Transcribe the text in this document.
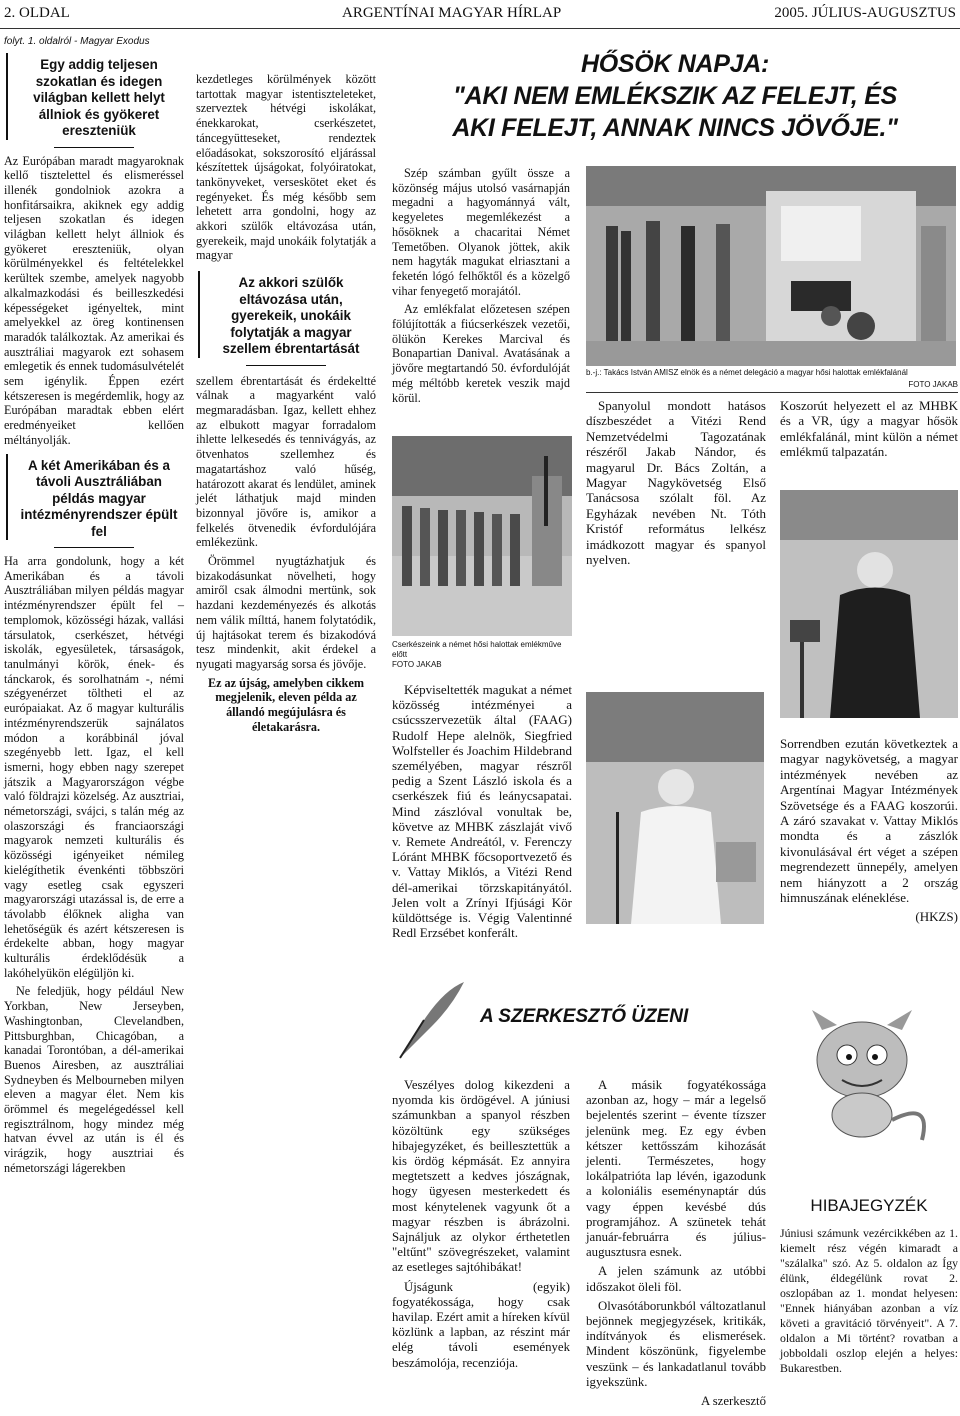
2. OLDAL	ARGENTÍNAI MAGYAR HÍRLAP	2005. JÚLIUS-AUGUSZTUS
folyt. 1. oldalról - Magyar Exodus
Egy addig teljesen szokatlan és idegen világban kellett helyt állniok és gyökeret ereszteniük

Az Európában maradt magyaroknak kellő tisztelettel és elismeréssel illenék gondolniok azokra a honfitársaikra, akiknek egy addig teljesen szokatlan és idegen világban kellett helyt állniok és gyökeret ereszteniük, olyan körülményekkel és feltételekkel kerültek szembe, amelyek nagyobb alkalmazkodási és beilleszkedési képességeket igényeltek, mint amelyekkel az öreg kontinensen maradók találkoztak. Az amerikai és ausztráliai magyarok ezt sohasem emlegetik és ennek tudomásulvételét sem igénylik. Éppen ezért kétszeresen is megérdemlik, hogy az Európában maradtak ebben elért eredményeiket kellően méltányolják.

A két Amerikában és a távoli Ausztráliában példás magyar intézményrendszer épült fel

Ha arra gondolunk, hogy a két Amerikában és a távoli Ausztráliában milyen példás magyar intézményrendszer épült fel – templomok, közösségi házak, vallási társulatok, cserkészet, hétvégi iskolák, egyesületek, társaságok, tanulmányi körök, ének- és tánckarok, és sorolhatnám -, némi szégyenérzet töltheti el az európaiakat. Az ő magyar kulturális intézményrendszerük sajnálatos módon a korábbinál jóval szegényebb lett. Igaz, el kell ismerni, hogy ebben nagy szerepet játszik a Magyarországon végbe való földrajzi közelség. Az ausztriai, németországi, svájci, s talán még az olaszországi és franciaországi magyarok nemzeti kulturális és közösségi igényeiket némileg kielégíthetik évenkénti többszöri vagy esetleg csak egyszeri magyarországi utazással is, de erre a távolabb élőknek aligha van lehetőségük és azért kétszeresen is érdekelte abban, hogy magyar kulturális érdeklődésük a lakóhelyükön elégüljön ki.

Ne feledjük, hogy például New Yorkban, New Jerseyben, Washingtonban, Clevelandben, Pittsburghban, Chicagóban, a kanadai Torontóban, a dél-amerikai Buenos Airesben, az ausztráliai Sydneyben és Melbourneben milyen eleven a magyar élet. Nem kis örömmel és megelégedéssel kell regisztrálnom, hogy mindez még hatvan évvel az után is él és virágzik, hogy ausztriai és németországi lágerekben

kezdetleges körülmények között tartottak magyar istentiszteleteket, szerveztek hétvégi iskolákat, énekkarokat, cserkészetet, táncegyütteseket, rendeztek előadásokat, sokszorosító eljárással készítettek újságokat, folyóiratokat, tankönyveket, verseskötet eket és regényeket. És még később sem lehetett arra gondolni, hogy az akkori szülők eltávozása után, gyerekeik, majd unokáik folytatják a magyar

Az akkori szülők eltávozása után, gyerekeik, unokáik folytatják a magyar szellem ébrentartását

szellem ébrentartását és érdekeltté válnak a magyarként való megmaradásban. Igaz, kellett ehhez az elbukott magyar forradalom ihlette lelkesedés és tennivágyás, az ötvenhatos szellemhez és magatartáshoz való hűség, határozott akarat és lendület, aminek jelét láthatjuk majd minden bizonnyal jövőre is, amikor a felkelés ötvenedik évfordulójára emlékezünk.

Örömmel nyugtázhatjuk és bizakodásunkat növelheti, hogy amiről csak álmodni mertünk, sok hazdani kezdeményezés és alkotás nem válik mílttá, hanem folytatódik, új hajtásokat terem és bizakodóvá tesz mindenkit, akit érdekel a nyugati magyarság sorsa és jövője.

Ez az újság, amelyben cikkem megjelenik, eleven példa az állandó megújulásra és életakarásra.

HŐSÖK NAPJA:
"AKI NEM EMLÉKSZIK AZ FELEJT, ÉS
AKI FELEJT, ANNAK NINCS JÖVŐJE."

Szép számban gyűlt össze a közönség május utolsó vasárnapján megadni a hagyománnyá vált, kegyeletes megemlékezést a hősöknek a chacaritai Német Temetőben. Olyanok jöttek, akik nem hagyták magukat elriasztani a feketén lógó felhőktől és a közelgő vihar fenyegető morajától.

Az emlékfalat előzetesen szépen fölújították a fiúcserkészek vezetői, ölükön Kerekes Marcival és Bonapartian Danival. Avatásának a jövőre megtartandó 50. évfordulóját még méltóbb keretek veszik majd körül.

b.-j.: Takács István AMISZ elnök és a német delegáció a magyar hősi halottak emlékfalánál
FOTO JAKAB
Cserkészeink a német hősi halottak emlékműve előtt
FOTO JAKAB

Spanyolul mondott hatásos díszbeszédet a Vitézi Rend Nemzetvédelmi Tagozatának részéről Jakab Nándor, és magyarul Dr. Bács Zoltán, a Magyar Nagykövetség Első Tanácsosa szólalt föl. Az Egyházak nevében Nt. Tóth Kristóf református lelkész imádkozott magyar és spanyol nyelven.

Koszorút helyezett el az MHBK és a VR, úgy a magyar hősök emlékfalánál, mint külön a német emlékmű talpazatán.

Képviseltették magukat a német közösség intézményei a csúcsszervezetük által (FAAG) Rudolf Hepe alelnök, Siegfried Wolfsteller és Joachim Hildebrand személyében, magyar részről pedig a Szent László iskola és a cserkészek fiú és leánycsapatai. Mind zászlóval vonultak be, követve az MHBK zászlaját vivő v. Remete Andreától, v. Ferenczy Lóránt MHBK főcsoportvezető és v. Vattay Miklós, a Vitézi Rend dél-amerikai törzskapitányától. Jelen volt a Zrínyi Ifjúsági Kör küldöttsége is. Végig Valentinné Redl Erzsébet konferált.

Sorrendben ezután következtek a magyar nagykövetség, a magyar intézmények nevében az Argentínai Magyar Intézmények Szövetsége és a FAAG koszorúi. A záró szavakat v. Vattay Miklós mondta és a zászlók kivonulásával ért véget a szépen megrendezett ünnepély, amelyen nem hiányzott a 2 ország himnuszának eléneklése.

(HKZS)

A SZERKESZTŐ ÜZENI

Veszélyes dolog kikezdeni a nyomda kis ördögével. A júniusi számunkban a spanyol részben közöltünk egy szükséges hibajegyzéket, és beillesztettük a kis ördög képmását. Ez annyira megtetszett a kedves jószágnak, hogy ügyesen mesterkedett és most kénytelenek vagyunk őt a magyar részben is ábrázolni. Sajnáljuk az olykor érthetetlen "eltűnt" szövegrészeket, valamint az esetleges sajtóhibákat!

Újságunk (egyik) fogyatékossága, hogy csak havilap. Ezért amit a híreken kívül közlünk a lapban, az részint már elég távoli események beszámolója, recenziója.

A másik fogyatékossága azonban az, hogy – már a legelső bejelentés szerint – évente tízszer jelenünk meg. Ez egy évben kétszer kettősszám kihozását jelenti. Természetes, hogy lokálpatrióta lap lévén, igazodunk a koloniális eseménynaptár dús vagy éppen kevésbé dús programjához. A szünetek tehát január-februárra és július-augusztusra esnek.

A jelen számunk az utóbbi időszakot öleli föl.

Olvasótáborunkból változatlanul bejönnek megjegyzések, kritikák, indítványok és elismerések. Mindent köszönünk, figyelembe veszünk – és lankadatlanul tovább igyekszünk.

A szerkesztő

HIBAJEGYZÉK

Júniusi számunk vezércikkében az 1. kiemelt rész végén kimaradt a "szálalka" szó. Az 5. oldalon az Így élünk, éldegélünk rovat 2. oszlopában az 1. mondat helyesen: "Ennek hiányában azonban a víz követi a gravitáció törvényeit". A 7. oldalon a Mi történt? rovatban a jobboldali oszlop elején a helyes: Bukarestben.
